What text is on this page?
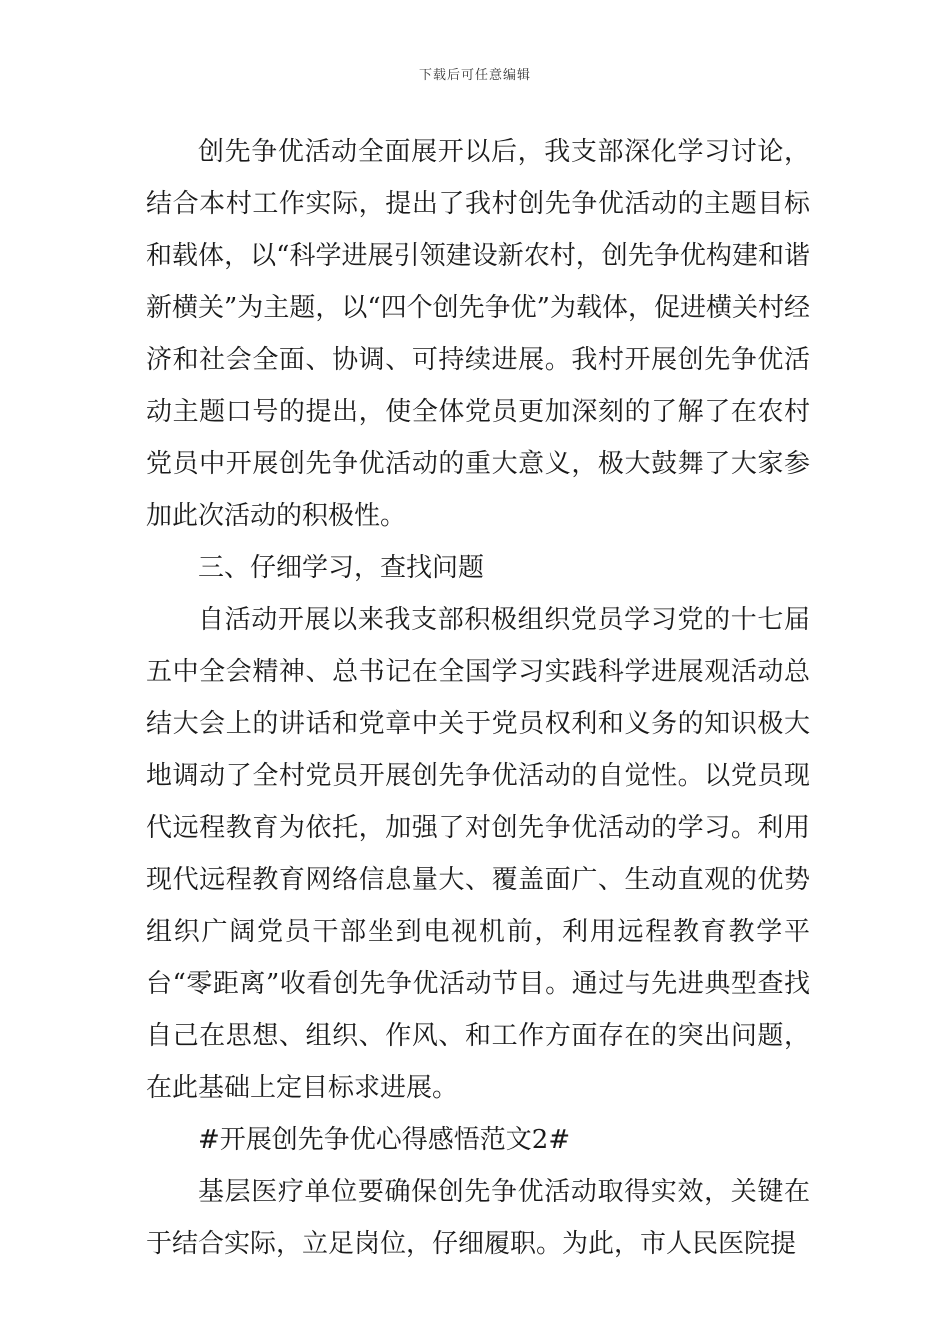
下载后可任意编辑

创先争优活动全面展开以后，我支部深化学习讨论，结合本村工作实际，提出了我村创先争优活动的主题目标和载体，以“科学进展引领建设新农村，创先争优构建和谐新横关”为主题，以“四个创先争优”为载体，促进横关村经济和社会全面、协调、可持续进展。我村开展创先争优活动主题口号的提出，使全体党员更加深刻的了解了在农村党员中开展创先争优活动的重大意义，极大鼓舞了大家参加此次活动的积极性。

三、仔细学习，查找问题

自活动开展以来我支部积极组织党员学习党的十七届五中全会精神、总书记在全国学习实践科学进展观活动总结大会上的讲话和党章中关于党员权利和义务的知识极大地调动了全村党员开展创先争优活动的自觉性。以党员现代远程教育为依托，加强了对创先争优活动的学习。利用现代远程教育网络信息量大、覆盖面广、生动直观的优势组织广阔党员干部坐到电视机前，利用远程教育教学平台“零距离”收看创先争优活动节目。通过与先进典型查找自己在思想、组织、作风、和工作方面存在的突出问题，在此基础上定目标求进展。

#开展创先争优心得感悟范文2#

基层医疗单位要确保创先争优活动取得实效，关键在于结合实际，立足岗位，仔细履职。为此，市人民医院提
